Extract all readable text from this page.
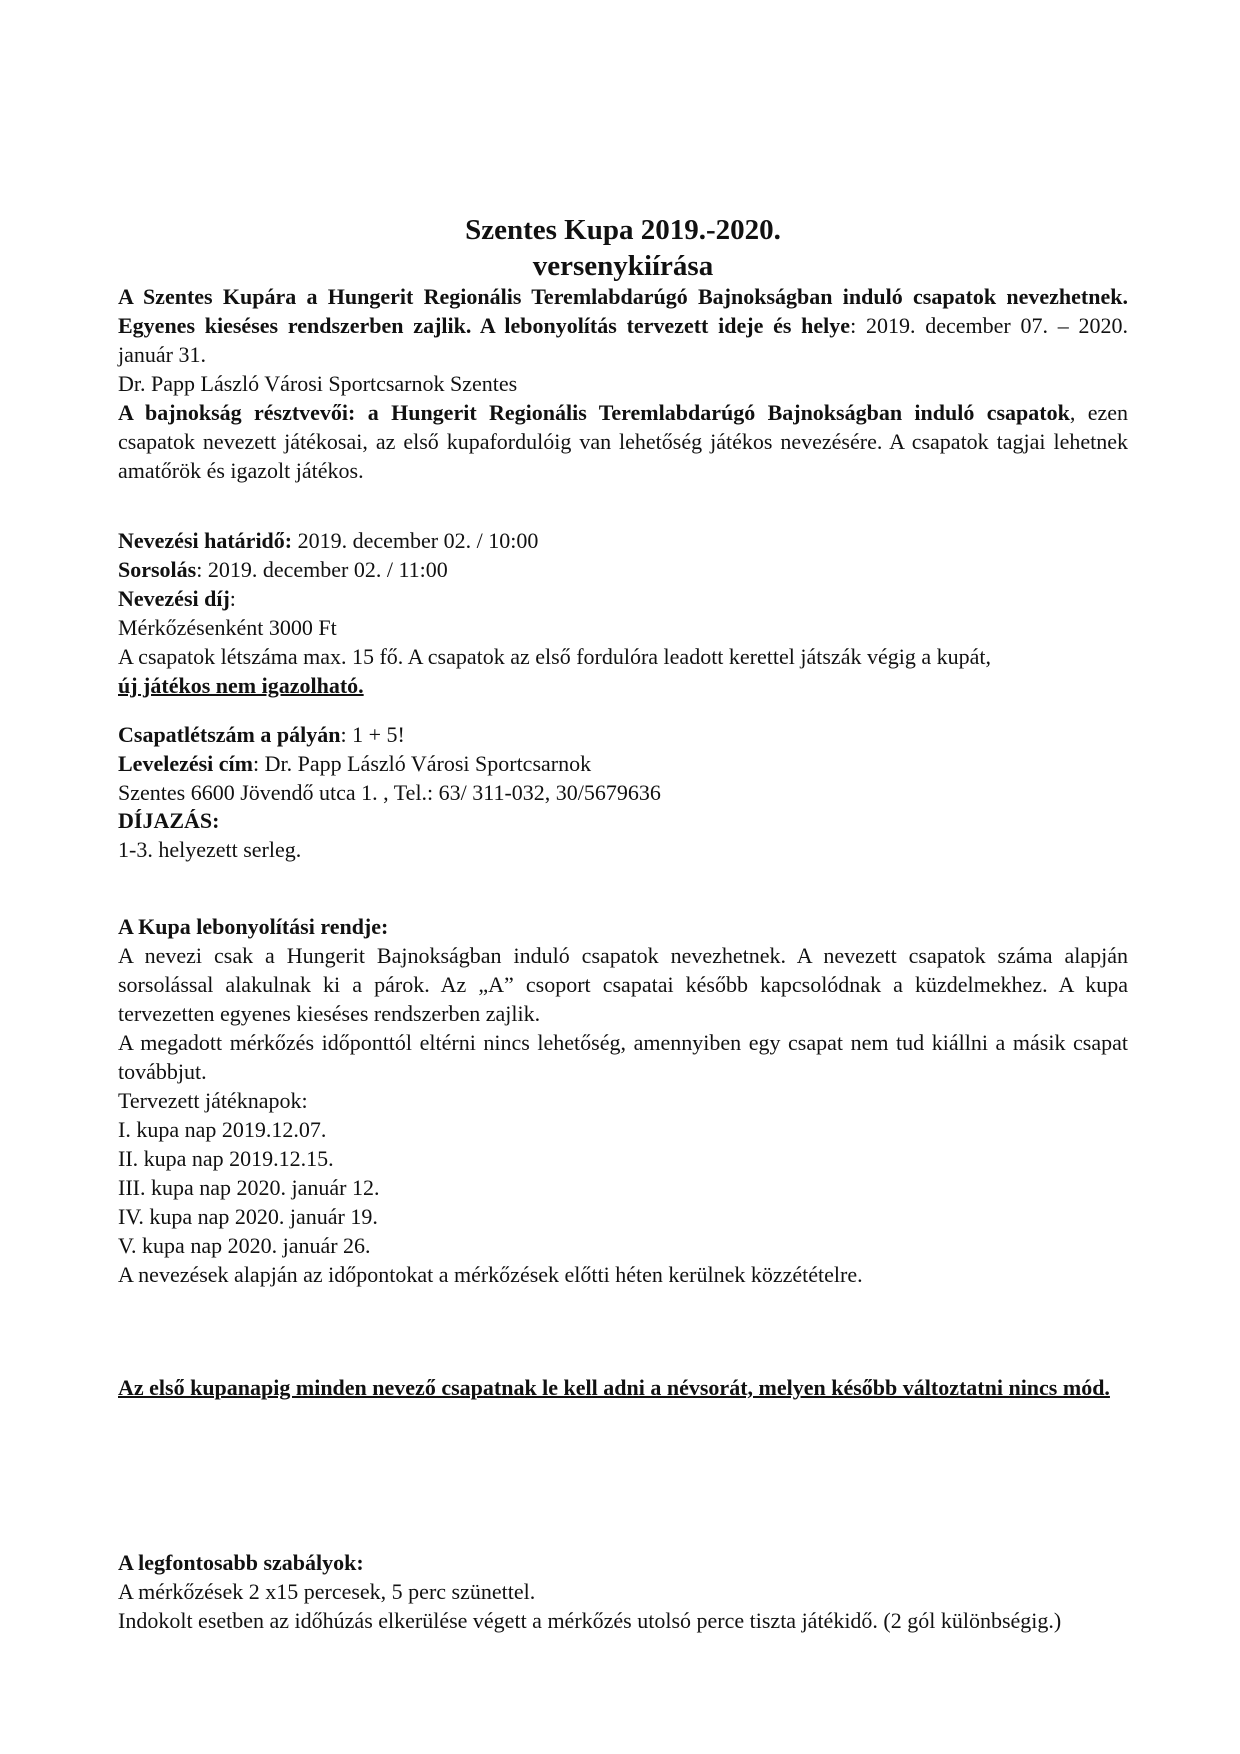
Szentes Kupa 2019.-2020.
versenykiírása
A Szentes Kupára a Hungerit Regionális Teremlabdarúgó Bajnokságban induló csapatok nevezhetnek. Egyenes kieséses rendszerben zajlik. A lebonyolítás tervezett ideje és helye: 2019. december 07. – 2020. január 31.
Dr. Papp László Városi Sportcsarnok Szentes
A bajnokság résztvevői: a Hungerit Regionális Teremlabdarúgó Bajnokságban induló csapatok, ezen csapatok nevezett játékosai, az első kupafordulóig van lehetőség játékos nevezésére. A csapatok tagjai lehetnek amatőrök és igazolt játékos.
Nevezési határidő: 2019. december 02. / 10:00
Sorsolás: 2019. december 02. / 11:00
Nevezési díj:
Mérkőzésenként 3000 Ft
A csapatok létszáma max. 15 fő. A csapatok az első fordulóra leadott kerettel játszák végig a kupát,
új játékos nem igazolható.
Csapatlétszám a pályán: 1 + 5!
Levelezési cím: Dr. Papp László Városi Sportcsarnok
Szentes 6600 Jövendő utca 1. , Tel.: 63/ 311-032, 30/5679636
DÍJAZÁS:
1-3. helyezett serleg.
A Kupa lebonyolítási rendje:
A nevezi csak a Hungerit Bajnokságban induló csapatok nevezhetnek. A nevezett csapatok száma alapján sorsolással alakulnak ki a párok. Az „A” csoport csapatai később kapcsolódnak a küzdelmekhez. A kupa tervezetten egyenes kieséses rendszerben zajlik.
A megadott mérkőzés időponttól eltérni nincs lehetőség, amennyiben egy csapat nem tud kiállni a másik csapat továbbjut.
Tervezett játéknapok:
I. kupa nap 2019.12.07.
II. kupa nap 2019.12.15.
III. kupa nap 2020. január 12.
IV. kupa nap 2020. január 19.
V. kupa nap 2020. január 26.
A nevezések alapján az időpontokat a mérkőzések előtti héten kerülnek közzétételre.
Az első kupanapig minden nevező csapatnak le kell adni a névsorát, melyen később változtatni nincs mód.
A legfontosabb szabályok:
A mérkőzések 2 x15 percesek, 5 perc szünettel.
Indokolt esetben az időhúzás elkerülése végett a mérkőzés utolsó perce tiszta játékidő. (2 gól különbségig.)
